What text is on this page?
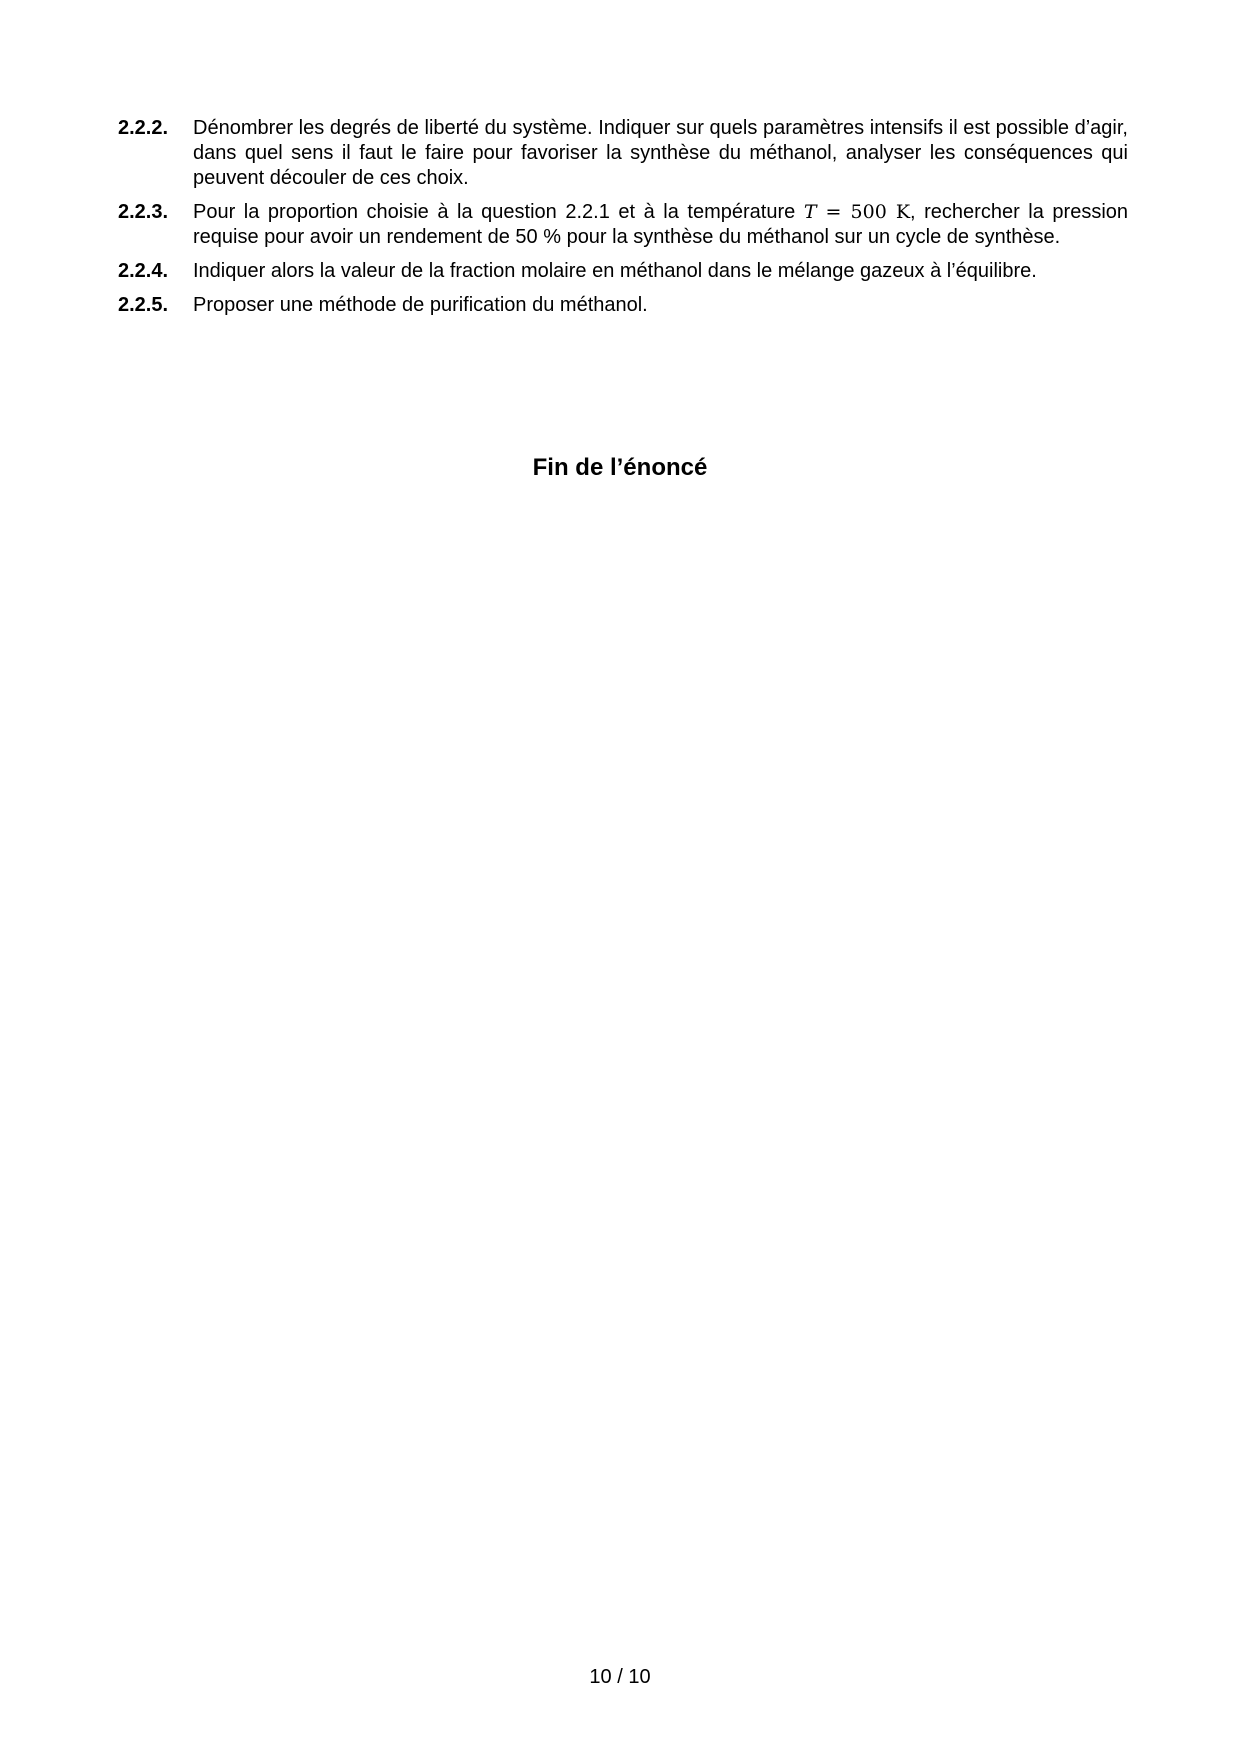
2.2.2.	Dénombrer les degrés de liberté du système. Indiquer sur quels paramètres intensifs il est possible d’agir, dans quel sens il faut le faire pour favoriser la synthèse du méthanol, analyser les conséquences qui peuvent découler de ces choix.
2.2.3.	Pour la proportion choisie à la question 2.2.1 et à la température T = 500 K, rechercher la pression requise pour avoir un rendement de 50 % pour la synthèse du méthanol sur un cycle de synthèse.
2.2.4.	Indiquer alors la valeur de la fraction molaire en méthanol dans le mélange gazeux à l’équilibre.
2.2.5.	Proposer une méthode de purification du méthanol.
Fin de l’énoncé
10 / 10
